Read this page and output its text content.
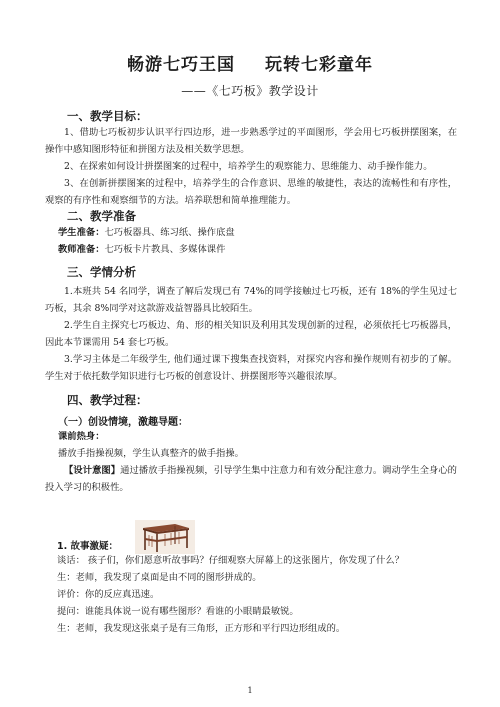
畅游七巧王国 玩转七彩童年
——《七巧板》教学设计
一、教学目标：

1、借助七巧板初步认识平行四边形，进一步熟悉学过的平面图形，学会用七巧板拼摆图案，在操作中感知图形特征和拼图方法及相关数学思想。

2、在探索如何设计拼摆图案的过程中，培养学生的观察能力、思维能力、动手操作能力。

3、在创新拼摆图案的过程中，培养学生的合作意识、思维的敏捷性，表达的流畅性和有序性，观察的有序性和观察细节的方法。培养联想和简单推理能力。

二、教学准备
学生准备：七巧板器具、练习纸、操作底盘
教师准备：七巧板卡片教具、多媒体课件
三、学情分析

1.本班共 54 名同学，调查了解后发现已有 74%的同学接触过七巧板，还有 18%的学生见过七巧板，其余 8%同学对这款游戏益智器具比较陌生。

2.学生自主探究七巧板边、角、形的相关知识及利用其发现创新的过程，必须依托七巧板器具，因此本节课需用 54 套七巧板。

3.学习主体是二年级学生, 他们通过课下搜集查找资料，对探究内容和操作规则有初步的了解。学生对于依托数学知识进行七巧板的创意设计、拼摆图形等兴趣很浓厚。

四、教学过程：
（一）创设情境，激趣导题：
课前热身：
播放手指操视频，学生认真整齐的做手指操。

【设计意图】通过播放手指操视频，引导学生集中注意力和有效分配注意力。调动学生全身心的投入学习的积极性。

1. 故事激疑：
谈话： 孩子们，你们愿意听故事吗？仔细观察大屏幕上的这张图片，你发现了什么？
生：老师，我发现了桌面是由不同的图形拼成的。
评价：你的反应真迅速。
提问：谁能具体说一说有哪些图形？看谁的小眼睛最敏锐。
生：老师，我发现这张桌子是有三角形，正方形和平行四边形组成的。
1
